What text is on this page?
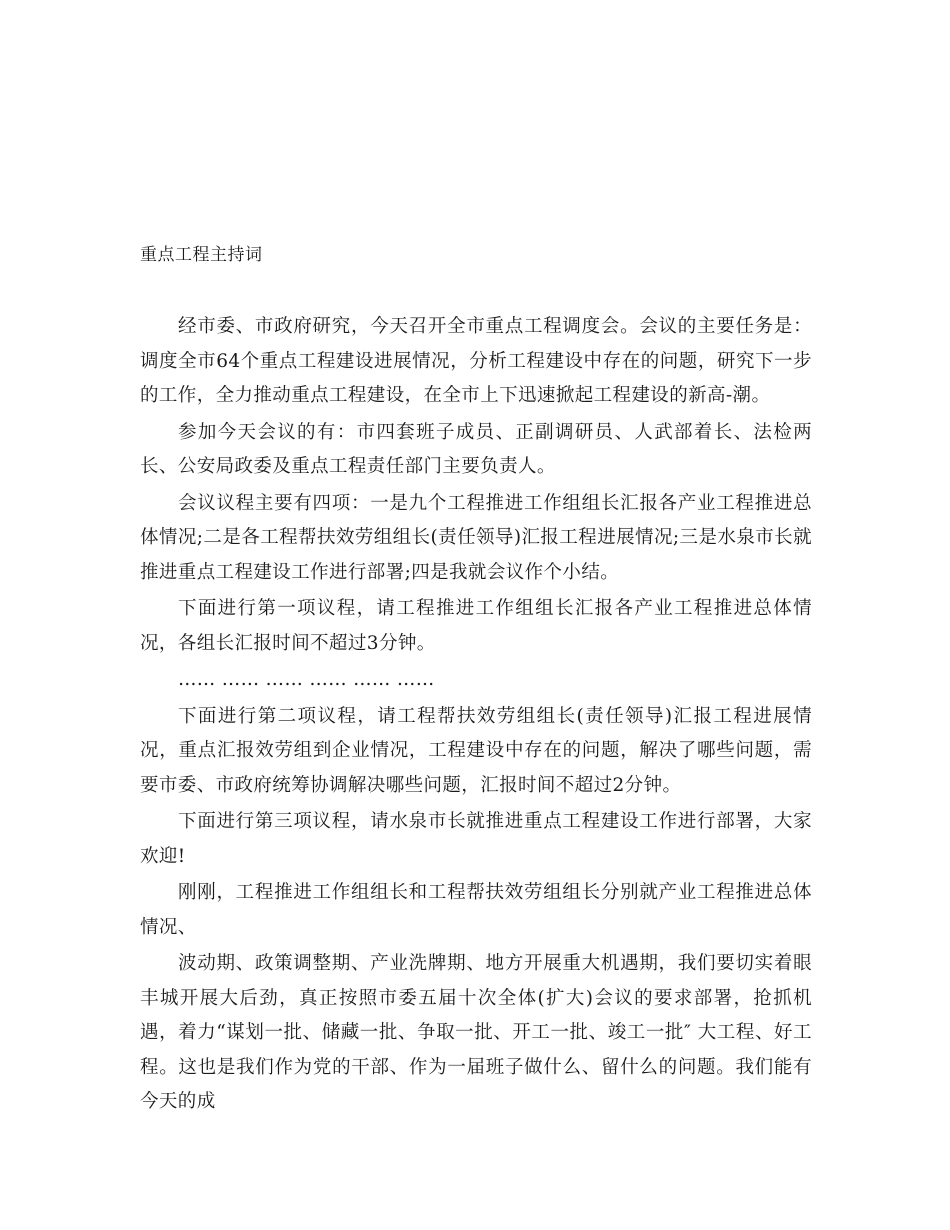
重点工程主持词

经市委、市政府研究，今天召开全市重点工程调度会。会议的主要任务是：调度全市64个重点工程建设进展情况，分析工程建设中存在的问题，研究下一步的工作，全力推动重点工程建设，在全市上下迅速掀起工程建设的新高-潮。

参加今天会议的有：市四套班子成员、正副调研员、人武部着长、法检两长、公安局政委及重点工程责任部门主要负责人。

会议议程主要有四项：一是九个工程推进工作组组长汇报各产业工程推进总体情况;二是各工程帮扶效劳组组长(责任领导)汇报工程进展情况;三是水泉市长就推进重点工程建设工作进行部署;四是我就会议作个小结。

下面进行第一项议程，请工程推进工作组组长汇报各产业工程推进总体情况，各组长汇报时间不超过3分钟。

…… …… …… …… …… ……

下面进行第二项议程，请工程帮扶效劳组组长(责任领导)汇报工程进展情况，重点汇报效劳组到企业情况，工程建设中存在的问题，解决了哪些问题，需要市委、市政府统筹协调解决哪些问题，汇报时间不超过2分钟。

下面进行第三项议程，请水泉市长就推进重点工程建设工作进行部署，大家欢迎!

刚刚，工程推进工作组组长和工程帮扶效劳组组长分别就产业工程推进总体情况、

波动期、政策调整期、产业洗牌期、地方开展重大机遇期，我们要切实着眼丰城开展大后劲，真正按照市委五届十次全体(扩大)会议的要求部署，抢抓机遇，着力“谋划一批、储藏一批、争取一批、开工一批、竣工一批″ 大工程、好工程。这也是我们作为党的干部、作为一届班子做什么、留什么的问题。我们能有今天的成
